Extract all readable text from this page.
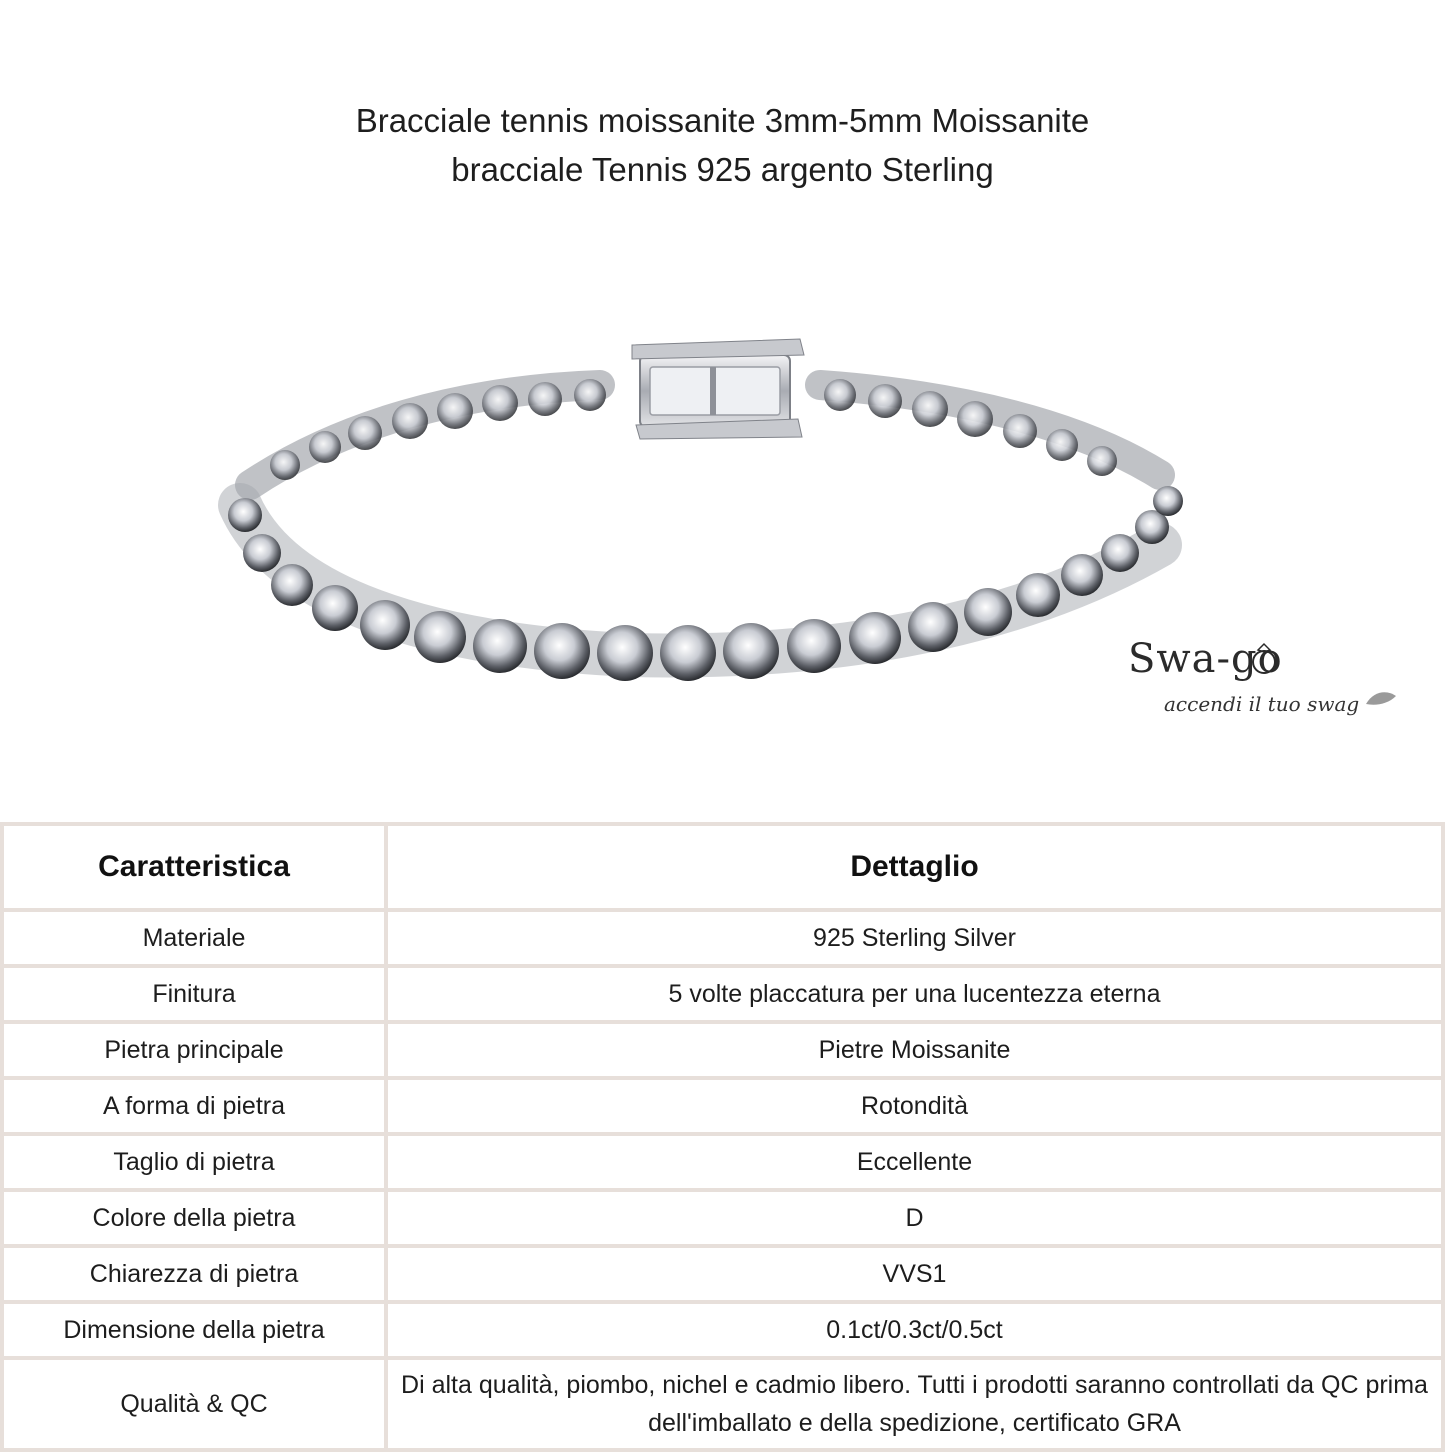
Bracciale tennis moissanite 3mm-5mm Moissanite
bracciale Tennis 925 argento Sterling
Swa-go
accendi il tuo swag
Caratteristica	Dettaglio
Materiale	925 Sterling Silver
Finitura	5 volte placcatura per una lucentezza eterna
Pietra principale	Pietre Moissanite
A forma di pietra	Rotondità
Taglio di pietra	Eccellente
Colore della pietra	D
Chiarezza di pietra	VVS1
Dimensione della pietra	0.1ct/0.3ct/0.5ct
Qualità & QC	Di alta qualità, piombo, nichel e cadmio libero. Tutti i prodotti saranno controllati da QC prima dell'imballato e della spedizione, certificato GRA
